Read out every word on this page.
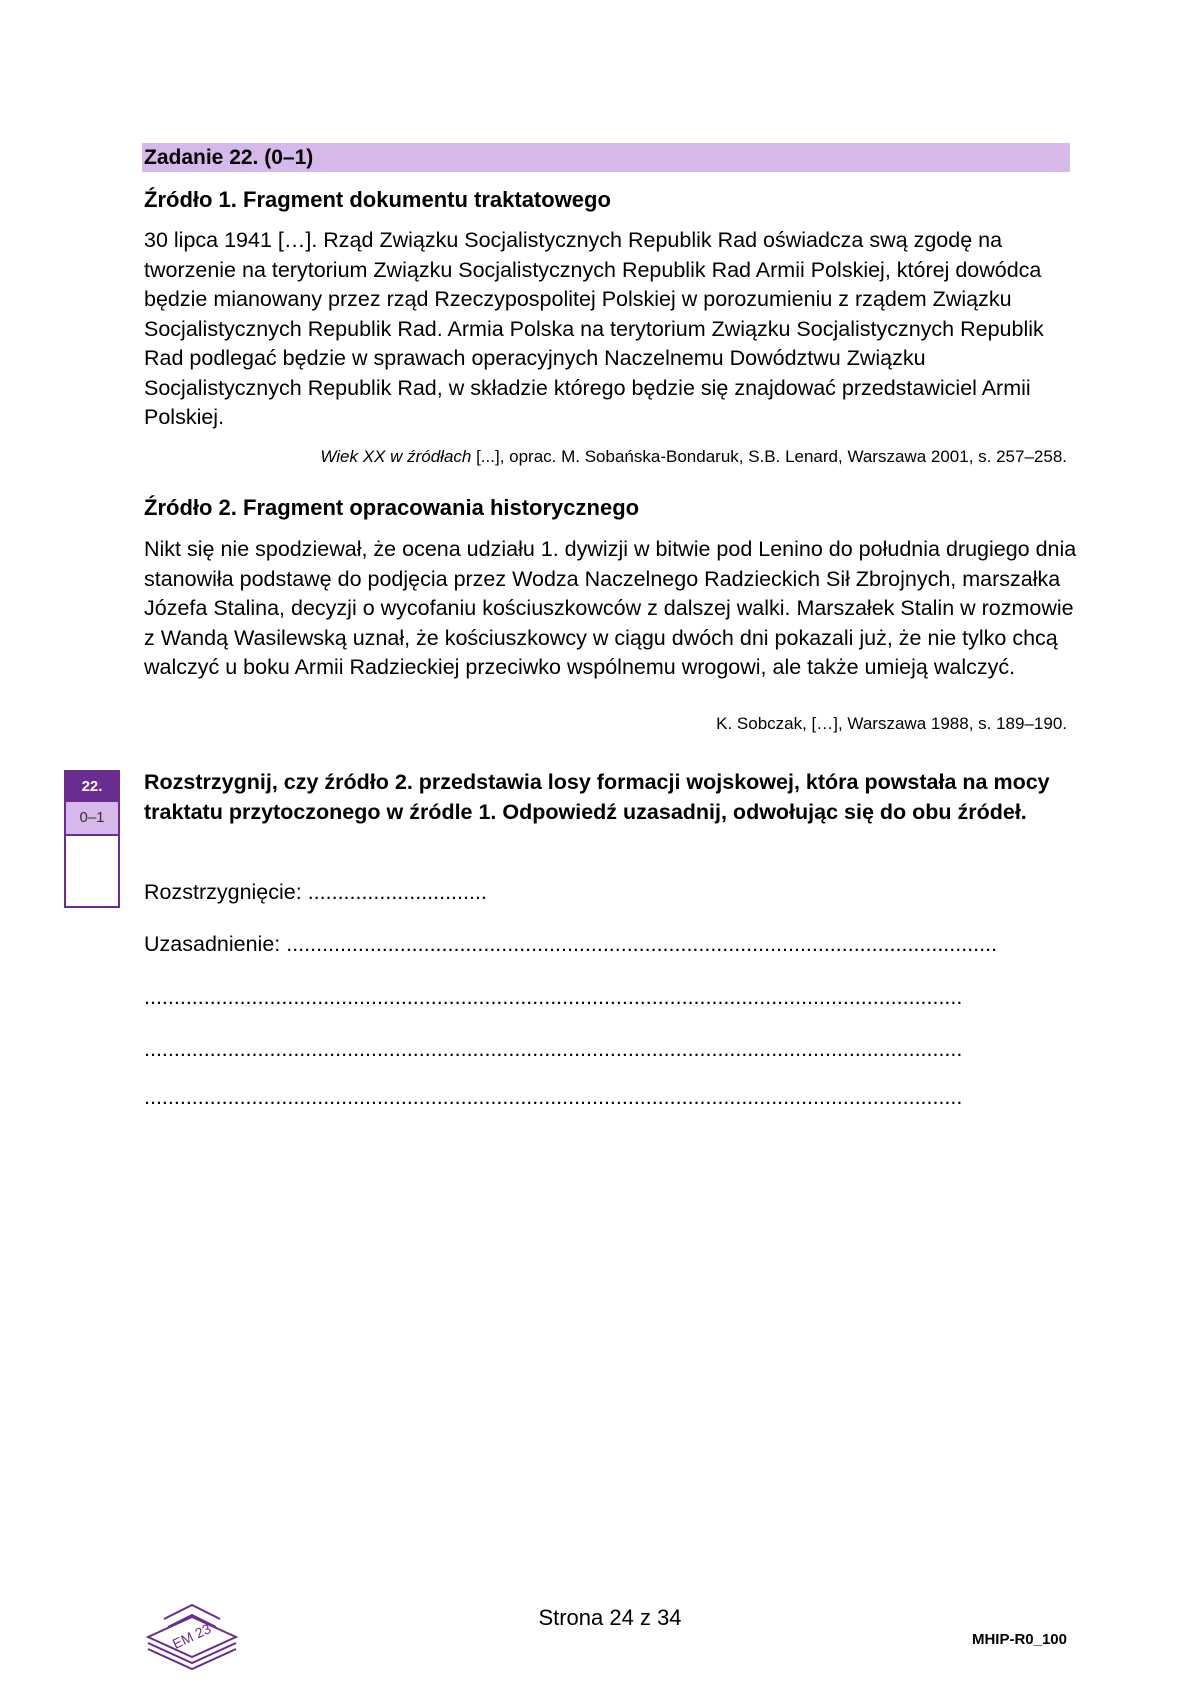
Zadanie 22. (0–1)
Źródło 1. Fragment dokumentu traktatowego

30 lipca 1941 […]. Rząd Związku Socjalistycznych Republik Rad oświadcza swą zgodę na tworzenie na terytorium Związku Socjalistycznych Republik Rad Armii Polskiej, której dowódca będzie mianowany przez rząd Rzeczypospolitej Polskiej w porozumieniu z rządem Związku Socjalistycznych Republik Rad. Armia Polska na terytorium Związku Socjalistycznych Republik Rad podlegać będzie w sprawach operacyjnych Naczelnemu Dowództwu Związku Socjalistycznych Republik Rad, w składzie którego będzie się znajdować przedstawiciel Armii Polskiej.

Wiek XX w źródłach [...], oprac. M. Sobańska-Bondaruk, S.B. Lenard, Warszawa 2001, s. 257–258.
Źródło 2. Fragment opracowania historycznego

Nikt się nie spodziewał, że ocena udziału 1. dywizji w bitwie pod Lenino do południa drugiego dnia stanowiła podstawę do podjęcia przez Wodza Naczelnego Radzieckich Sił Zbrojnych, marszałka Józefa Stalina, decyzji o wycofaniu kościuszkowców z dalszej walki. Marszałek Stalin w rozmowie z Wandą Wasilewską uznał, że kościuszkowcy w ciągu dwóch dni pokazali już, że nie tylko chcą walczyć u boku Armii Radzieckiej przeciwko wspólnemu wrogowi, ale także umieją walczyć.

K. Sobczak, […], Warszawa 1988, s. 189–190.
22.
0–1
Rozstrzygnij, czy źródło 2. przedstawia losy formacji wojskowej, która powstała na mocy traktatu przytoczonego w źródle 1. Odpowiedź uzasadnij, odwołując się do obu źródeł.
Rozstrzygnięcie: ..............................
Uzasadnienie: .......................................................................................................................
.........................................................................................................................................
.........................................................................................................................................
.........................................................................................................................................
EM 23
Strona 24 z 34
MHIP-R0_100
